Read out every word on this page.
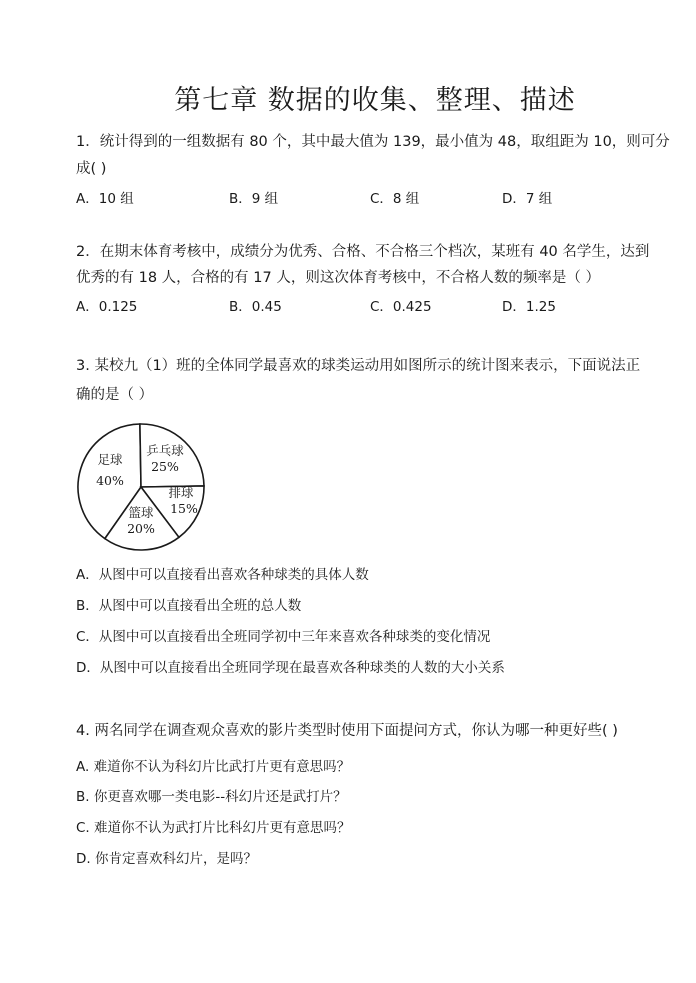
第七章 数据的收集、整理、描述
1．统计得到的一组数据有 80 个，其中最大值为 139，最小值为 48，取组距为 10，则可分
成( )
A．10 组	B．9 组	C．8 组	D．7 组
2．在期末体育考核中，成绩分为优秀、合格、不合格三个档次，某班有 40 名学生，达到
优秀的有 18 人，合格的有 17 人，则这次体育考核中，不合格人数的频率是（ ）
A．0.125	B．0.45	C．0.425	D．1.25
3. 某校九（1）班的全体同学最喜欢的球类运动用如图所示的统计图来表示，下面说法正
确的是（ ）
足球
40%
乒乓球
25%
排球
15%
篮球
20%
A．从图中可以直接看出喜欢各种球类的具体人数
B．从图中可以直接看出全班的总人数
C．从图中可以直接看出全班同学初中三年来喜欢各种球类的变化情况
D．从图中可以直接看出全班同学现在最喜欢各种球类的人数的大小关系
4. 两名同学在调查观众喜欢的影片类型时使用下面提问方式，你认为哪一种更好些( )
A. 难道你不认为科幻片比武打片更有意思吗？
B. 你更喜欢哪一类电影--科幻片还是武打片？
C. 难道你不认为武打片比科幻片更有意思吗？
D. 你肯定喜欢科幻片，是吗？
